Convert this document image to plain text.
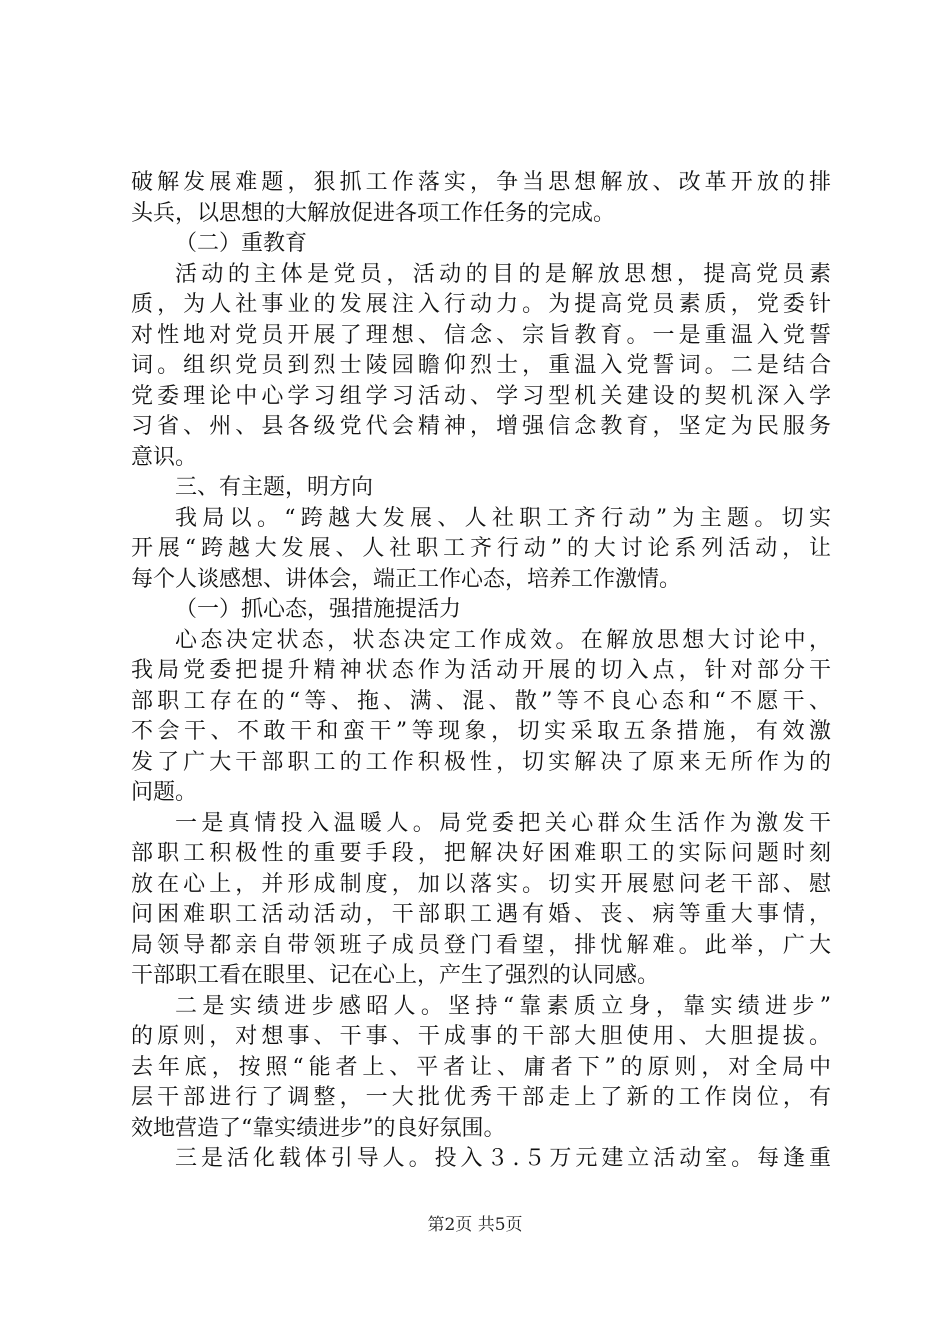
破解发展难题，狠抓工作落实，争当思想解放、改革开放的排
头兵，以思想的大解放促进各项工作任务的完成。
（二）重教育
活动的主体是党员，活动的目的是解放思想，提高党员素
质，为人社事业的发展注入行动力。为提高党员素质，党委针
对性地对党员开展了理想、信念、宗旨教育。一是重温入党誓
词。组织党员到烈士陵园瞻仰烈士，重温入党誓词。二是结合
党委理论中心学习组学习活动、学习型机关建设的契机深入学
习省、州、县各级党代会精神，增强信念教育，坚定为民服务
意识。
三、有主题，明方向
我局以。“跨越大发展、人社职工齐行动”为主题。切实
开展“跨越大发展、人社职工齐行动”的大讨论系列活动，让
每个人谈感想、讲体会，端正工作心态，培养工作激情。
（一）抓心态，强措施提活力
心态决定状态，状态决定工作成效。在解放思想大讨论中，
我局党委把提升精神状态作为活动开展的切入点，针对部分干
部职工存在的“等、拖、满、混、散”等不良心态和“不愿干、
不会干、不敢干和蛮干”等现象，切实采取五条措施，有效激
发了广大干部职工的工作积极性，切实解决了原来无所作为的
问题。
一是真情投入温暖人。局党委把关心群众生活作为激发干
部职工积极性的重要手段，把解决好困难职工的实际问题时刻
放在心上，并形成制度，加以落实。切实开展慰问老干部、慰
问困难职工活动活动，干部职工遇有婚、丧、病等重大事情，
局领导都亲自带领班子成员登门看望，排忧解难。此举，广大
干部职工看在眼里、记在心上，产生了强烈的认同感。
二是实绩进步感昭人。坚持“靠素质立身，靠实绩进步”
的原则，对想事、干事、干成事的干部大胆使用、大胆提拔。
去年底，按照“能者上、平者让、庸者下”的原则，对全局中
层干部进行了调整，一大批优秀干部走上了新的工作岗位，有
效地营造了“靠实绩进步”的良好氛围。
三是活化载体引导人。投入３.５万元建立活动室。每逢重
第2页 共5页
